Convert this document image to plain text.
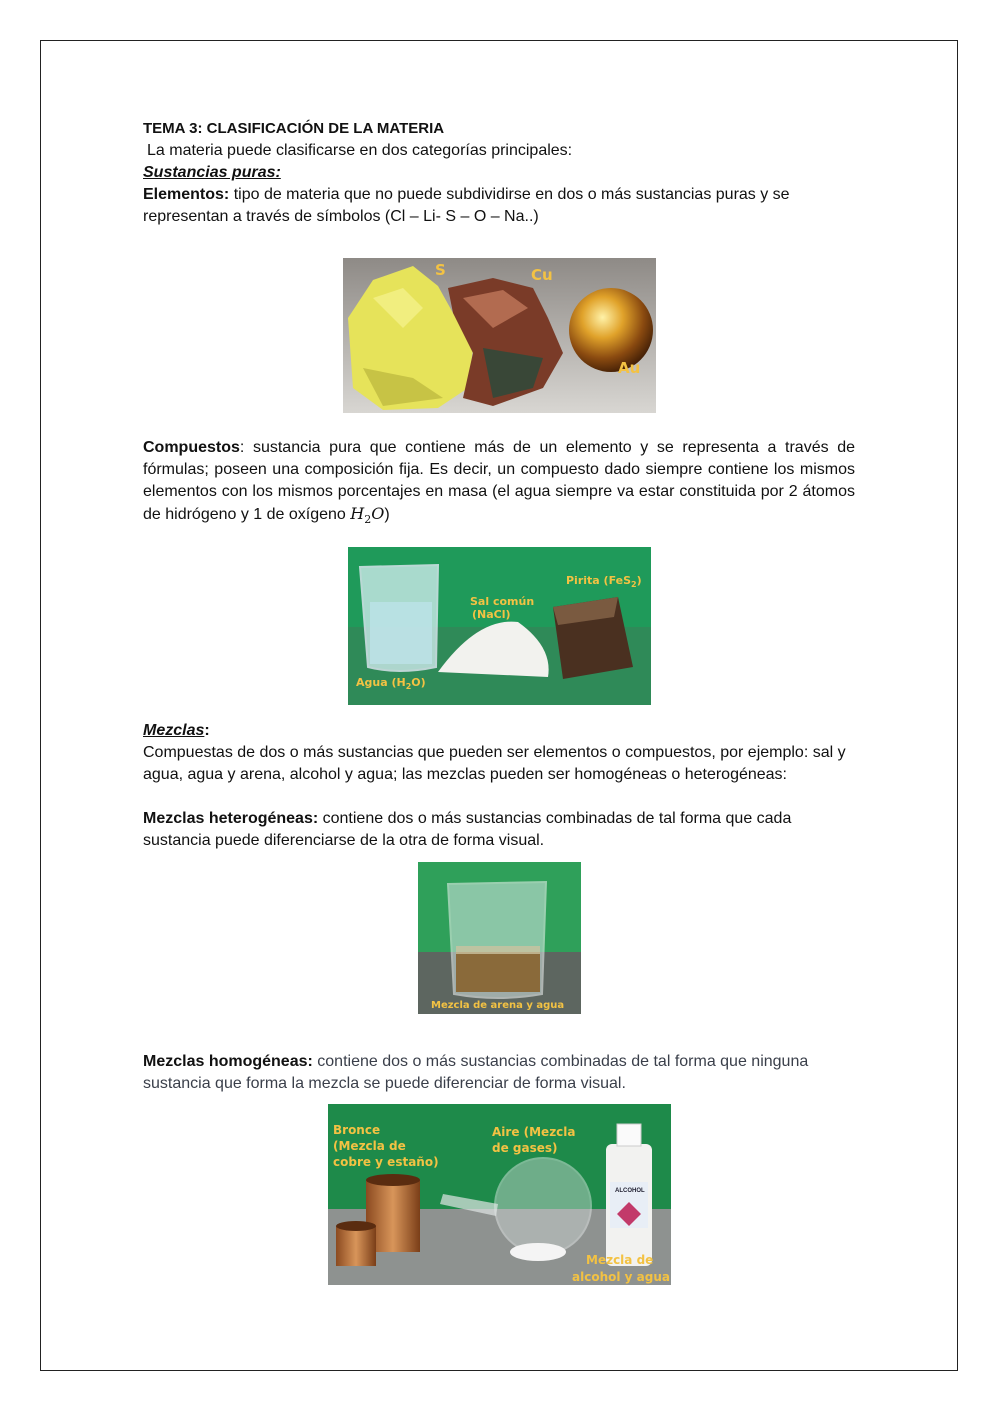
TEMA 3: CLASIFICACIÓN DE LA MATERIA

La materia puede clasificarse en dos categorías principales:

Sustancias puras:

Elementos: tipo de materia que no puede subdividirse en dos o más sustancias puras y se representan a través de símbolos (Cl – Li- S – O – Na..)

Compuestos: sustancia pura que contiene más de un elemento y se representa a través de fórmulas; poseen una composición fija. Es decir, un compuesto dado siempre contiene los mismos elementos con los mismos porcentajes en masa (el agua siempre va estar constituida por 2 átomos de hidrógeno y 1 de oxígeno $H_2O$)

Mezclas:

Compuestas de dos o más sustancias que pueden ser elementos o compuestos, por ejemplo: sal y agua, agua y arena, alcohol y agua; las mezclas pueden ser homogéneas o heterogéneas:

Mezclas heterogéneas: contiene dos o más sustancias combinadas de tal forma que cada sustancia puede diferenciarse de la otra de forma visual.

Mezclas homogéneas: contiene dos o más sustancias combinadas de tal forma que ninguna sustancia que forma la mezcla se puede diferenciar de forma visual.

S	Cu
Au
Sal común
(NaCl)
Pirita (FeS$_2$)
Agua $(H_2O)$
Mezcla de arena y agua
ALCOHOL
Bronce
(Mezcla de
cobre y estaño)
Aire (Mezcla
de gases)
Mezcla de
alcohol y agua
